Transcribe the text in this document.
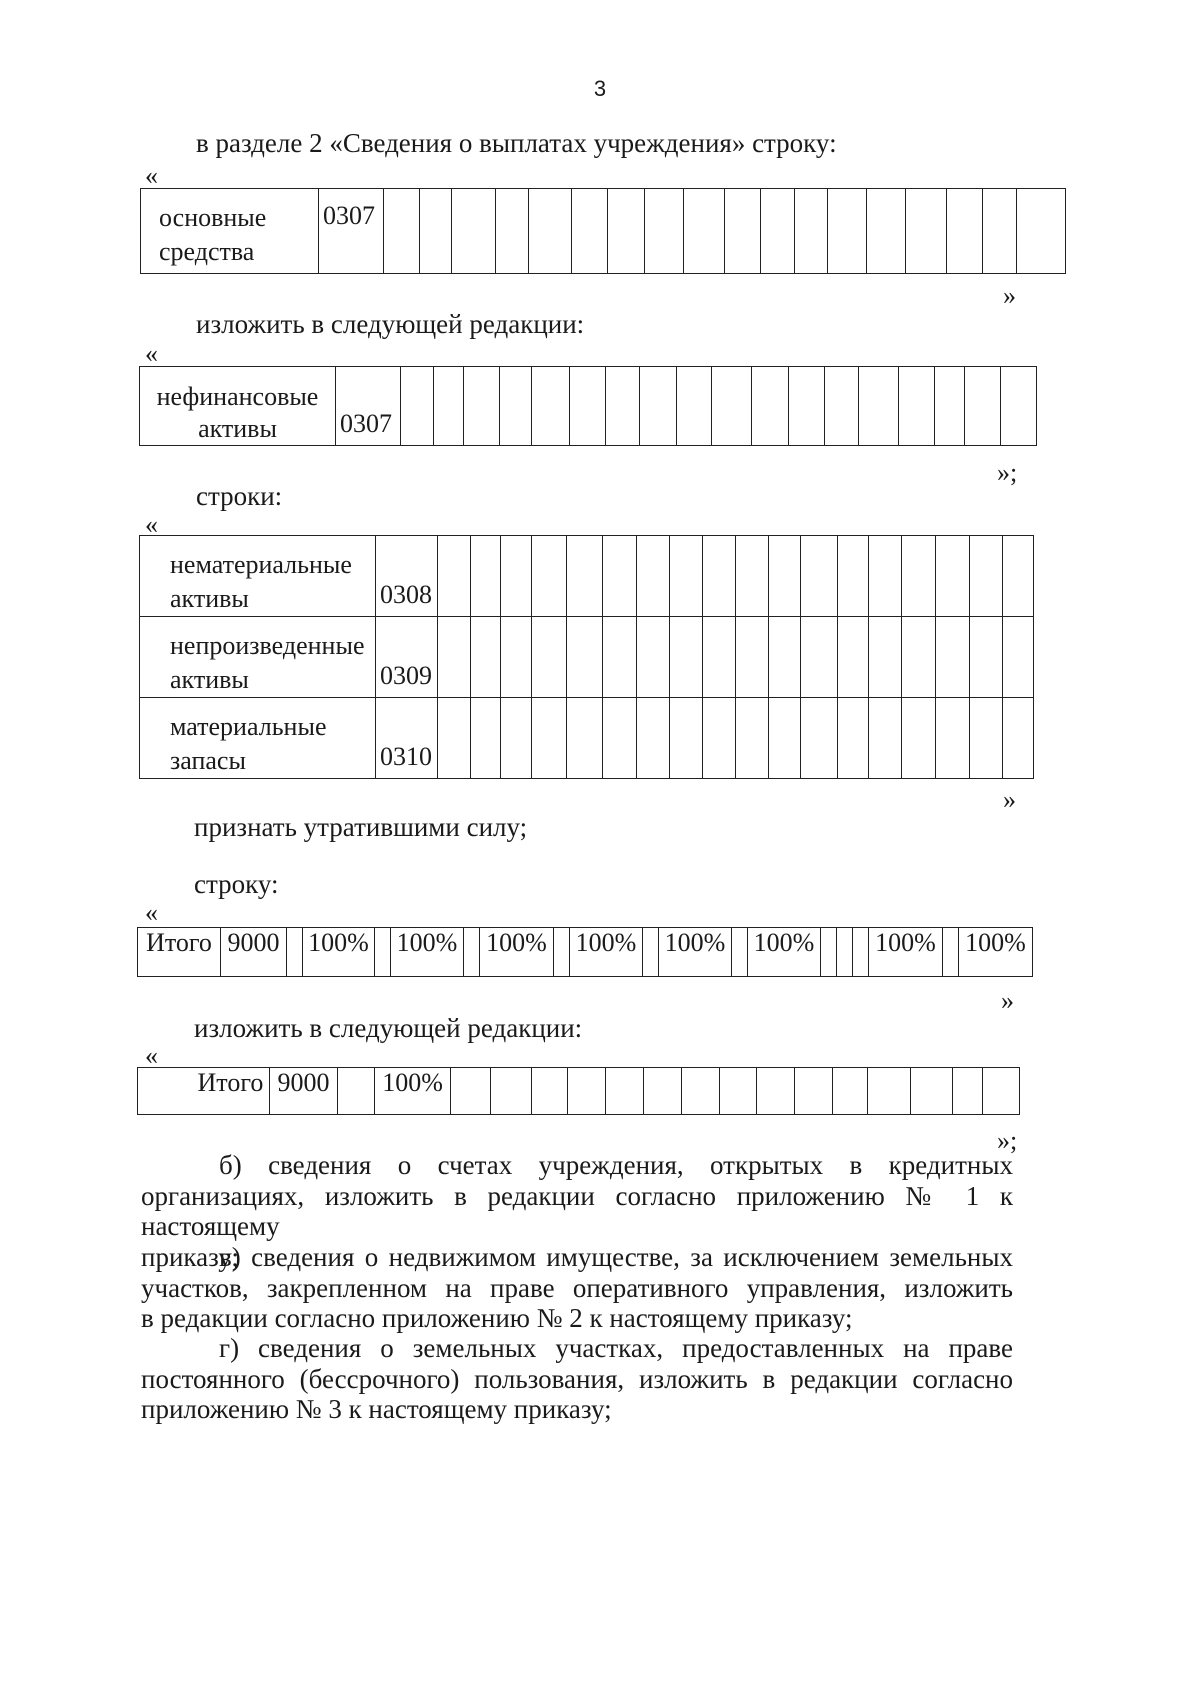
3
в разделе 2 «Сведения о выплатах учреждения» строку:
«
основные
средства	0307																		
»
изложить в следующей редакции:
«
нефинансовые
активы	0307																		
»;
строки:
«
нематериальные
активы	0308																		
непроизведенные
активы	0309																		
материальные
запасы	0310																		
»
признать утратившими силу;
строку:
«
Итого	9000		100%		100%		100%		100%		100%		100%				100%		100%
»
изложить в следующей редакции:
«
Итого	9000		100%															
»;
б) сведения о счетах учреждения, открытых в кредитных
организациях, изложить в редакции согласно приложению № 1 к настоящему
приказу;
в) сведения о недвижимом имуществе, за исключением земельных
участков, закрепленном на праве оперативного управления, изложить
в редакции согласно приложению № 2 к настоящему приказу;
г) сведения о земельных участках, предоставленных на праве
постоянного (бессрочного) пользования, изложить в редакции согласно
приложению № 3 к настоящему приказу;
